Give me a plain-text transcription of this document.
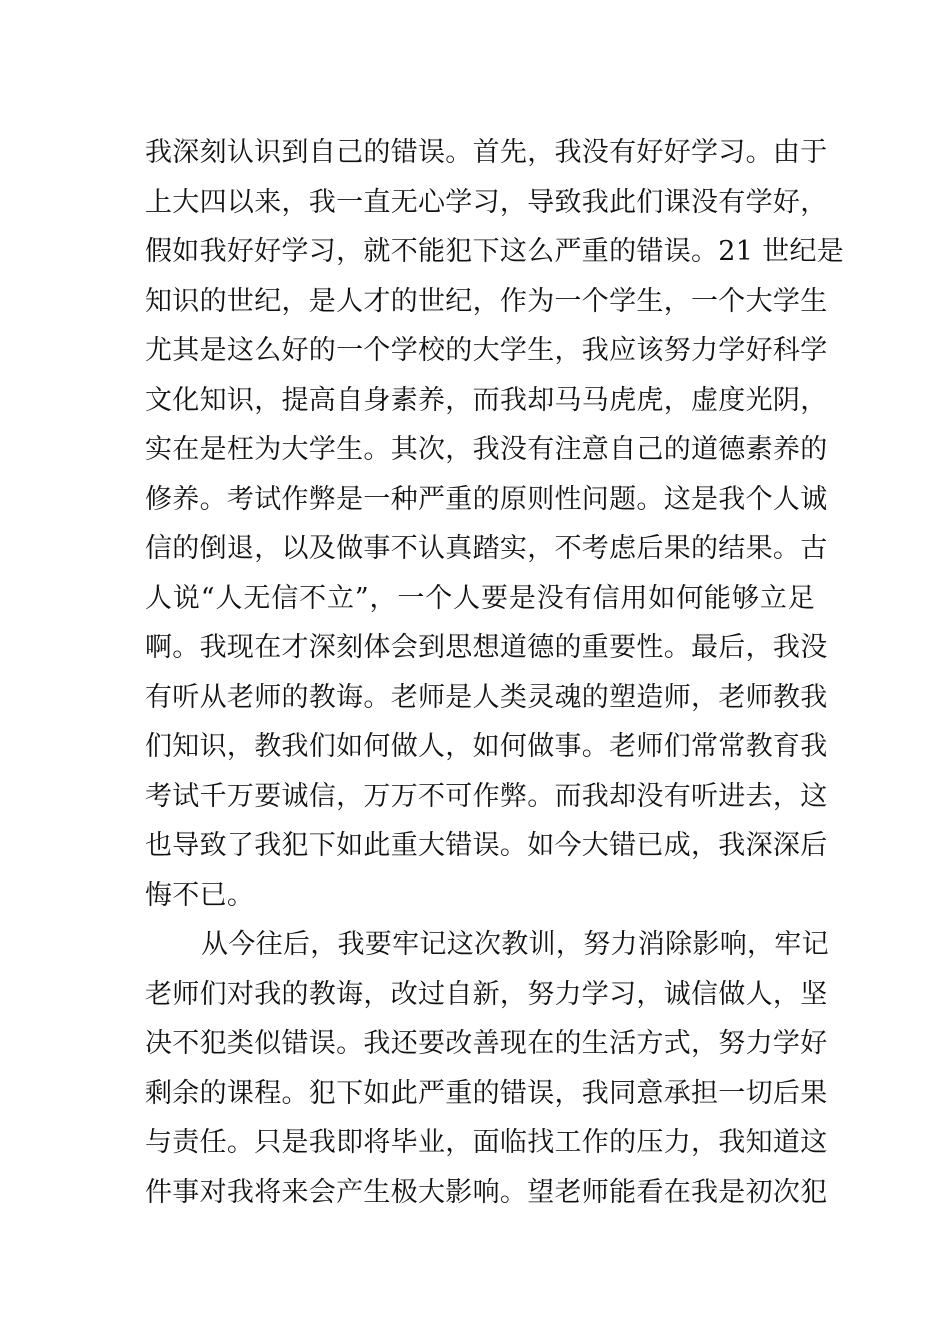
我深刻认识到自己的错误。首先，我没有好好学习。由于
上大四以来，我一直无心学习，导致我此们课没有学好，
假如我好好学习，就不能犯下这么严重的错误。21 世纪是
知识的世纪，是人才的世纪，作为一个学生，一个大学生
尤其是这么好的一个学校的大学生，我应该努力学好科学
文化知识，提高自身素养，而我却马马虎虎，虚度光阴，
实在是枉为大学生。其次，我没有注意自己的道德素养的
修养。考试作弊是一种严重的原则性问题。这是我个人诚
信的倒退，以及做事不认真踏实，不考虑后果的结果。古
人说“人无信不立”，一个人要是没有信用如何能够立足
啊。我现在才深刻体会到思想道德的重要性。最后，我没
有听从老师的教诲。老师是人类灵魂的塑造师，老师教我
们知识，教我们如何做人，如何做事。老师们常常教育我
考试千万要诚信，万万不可作弊。而我却没有听进去，这
也导致了我犯下如此重大错误。如今大错已成，我深深后
悔不已。
从今往后，我要牢记这次教训，努力消除影响，牢记
老师们对我的教诲，改过自新，努力学习，诚信做人，坚
决不犯类似错误。我还要改善现在的生活方式，努力学好
剩余的课程。犯下如此严重的错误，我同意承担一切后果
与责任。只是我即将毕业，面临找工作的压力，我知道这
件事对我将来会产生极大影响。望老师能看在我是初次犯
